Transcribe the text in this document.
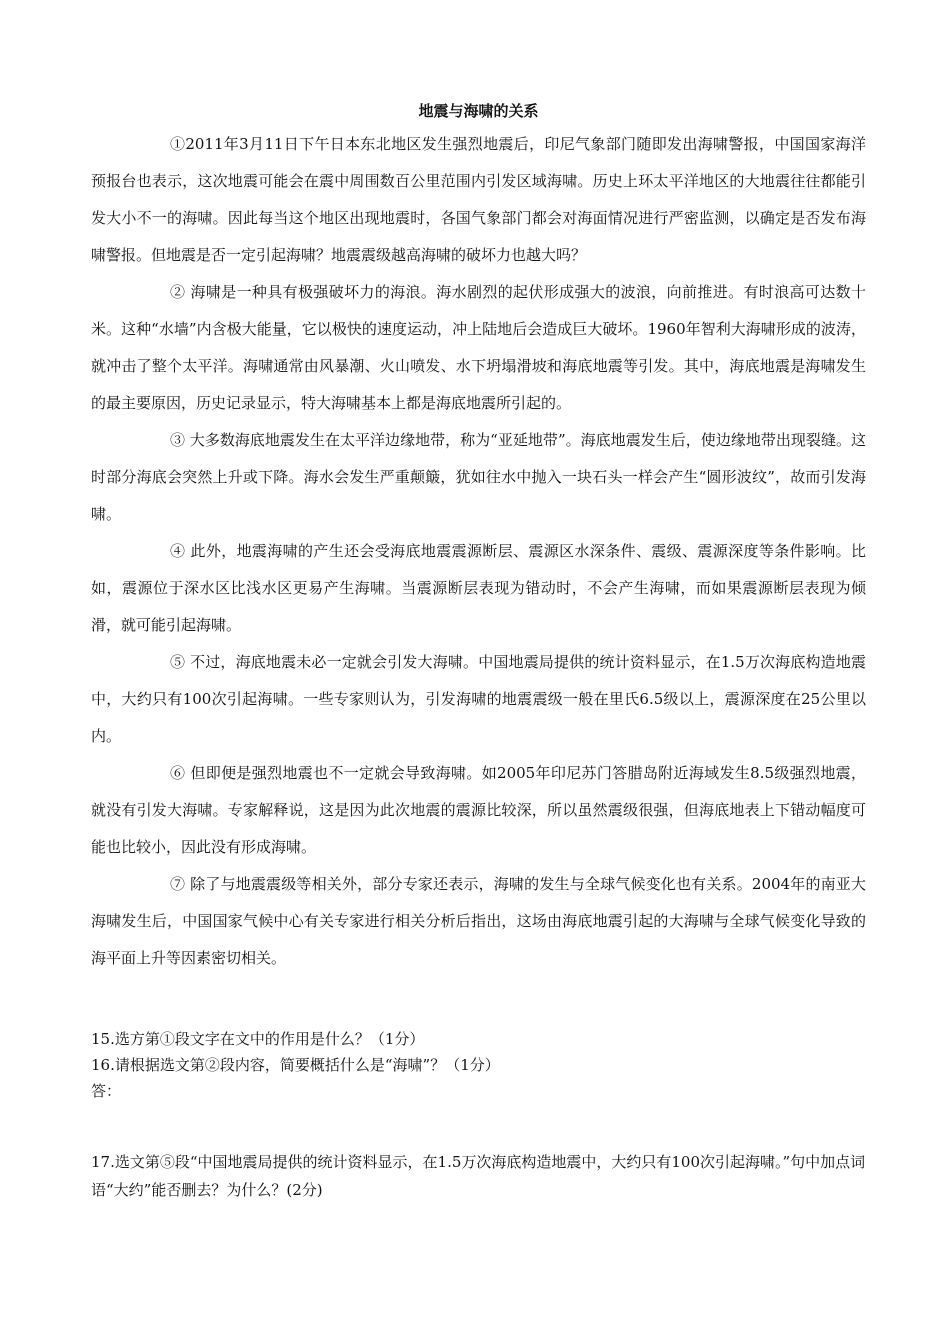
地震与海啸的关系

①2011年3月11日下午日本东北地区发生强烈地震后，印尼气象部门随即发出海啸警报，中国国家海洋预报台也表示，这次地震可能会在震中周围数百公里范围内引发区域海啸。历史上环太平洋地区的大地震往往都能引发大小不一的海啸。因此每当这个地区出现地震时，各国气象部门都会对海面情况进行严密监测，以确定是否发布海啸警报。但地震是否一定引起海啸？地震震级越高海啸的破坏力也越大吗？

② 海啸是一种具有极强破坏力的海浪。海水剧烈的起伏形成强大的波浪，向前推进。有时浪高可达数十米。这种“水墙”内含极大能量，它以极快的速度运动，冲上陆地后会造成巨大破坏。1960年智利大海啸形成的波涛，就冲击了整个太平洋。海啸通常由风暴潮、火山喷发、水下坍塌滑坡和海底地震等引发。其中，海底地震是海啸发生的最主要原因，历史记录显示，特大海啸基本上都是海底地震所引起的。

③ 大多数海底地震发生在太平洋边缘地带，称为“亚延地带”。海底地震发生后，使边缘地带出现裂缝。这时部分海底会突然上升或下降。海水会发生严重颠簸，犹如往水中抛入一块石头一样会产生“圆形波纹”，故而引发海啸。

④ 此外，地震海啸的产生还会受海底地震震源断层、震源区水深条件、震级、震源深度等条件影响。比如，震源位于深水区比浅水区更易产生海啸。当震源断层表现为错动时，不会产生海啸，而如果震源断层表现为倾滑，就可能引起海啸。

⑤ 不过，海底地震未必一定就会引发大海啸。中国地震局提供的统计资料显示，在1.5万次海底构造地震中，大约只有100次引起海啸。一些专家则认为，引发海啸的地震震级一般在里氏6.5级以上，震源深度在25公里以内。

⑥ 但即便是强烈地震也不一定就会导致海啸。如2005年印尼苏门答腊岛附近海域发生8.5级强烈地震，就没有引发大海啸。专家解释说，这是因为此次地震的震源比较深，所以虽然震级很强，但海底地表上下错动幅度可能也比较小，因此没有形成海啸。

⑦ 除了与地震震级等相关外，部分专家还表示，海啸的发生与全球气候变化也有关系。2004年的南亚大海啸发生后，中国国家气候中心有关专家进行相关分析后指出，这场由海底地震引起的大海啸与全球气候变化导致的海平面上升等因素密切相关。

15.选方第①段文字在文中的作用是什么？（1分）

16.请根据选文第②段内容，简要概括什么是“海啸”？（1分）

答：

17.选文第⑤段“中国地震局提供的统计资料显示，在1.5万次海底构造地震中，大约只有100次引起海啸。”句中加点词语“大约”能否删去？为什么？(2分)
